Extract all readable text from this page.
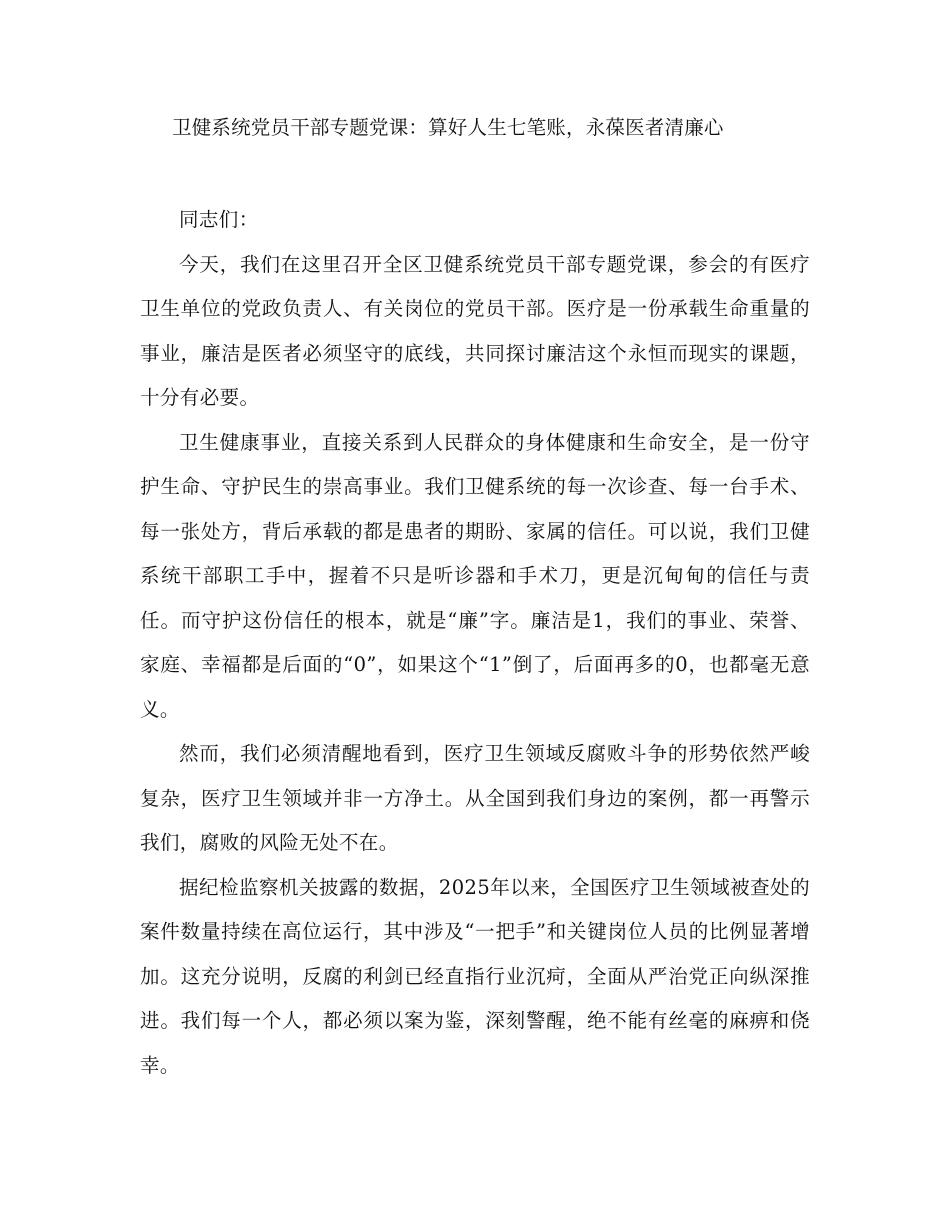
卫健系统党员干部专题党课：算好人生七笔账，永葆医者清廉心

同志们：

今天，我们在这里召开全区卫健系统党员干部专题党课，参会的有医疗卫生单位的党政负责人、有关岗位的党员干部。医疗是一份承载生命重量的事业，廉洁是医者必须坚守的底线，共同探讨廉洁这个永恒而现实的课题，十分有必要。

卫生健康事业，直接关系到人民群众的身体健康和生命安全，是一份守护生命、守护民生的崇高事业。我们卫健系统的每一次诊查、每一台手术、每一张处方，背后承载的都是患者的期盼、家属的信任。可以说，我们卫健系统干部职工手中，握着不只是听诊器和手术刀，更是沉甸甸的信任与责任。而守护这份信任的根本，就是“廉”字。廉洁是1，我们的事业、荣誉、家庭、幸福都是后面的“0”，如果这个“1”倒了，后面再多的0，也都毫无意义。

然而，我们必须清醒地看到，医疗卫生领域反腐败斗争的形势依然严峻复杂，医疗卫生领域并非一方净土。从全国到我们身边的案例，都一再警示我们，腐败的风险无处不在。

据纪检监察机关披露的数据，2025年以来，全国医疗卫生领域被查处的案件数量持续在高位运行，其中涉及“一把手”和关键岗位人员的比例显著增加。这充分说明，反腐的利剑已经直指行业沉疴，全面从严治党正向纵深推进。我们每一个人，都必须以案为鉴，深刻警醒，绝不能有丝毫的麻痹和侥幸。
